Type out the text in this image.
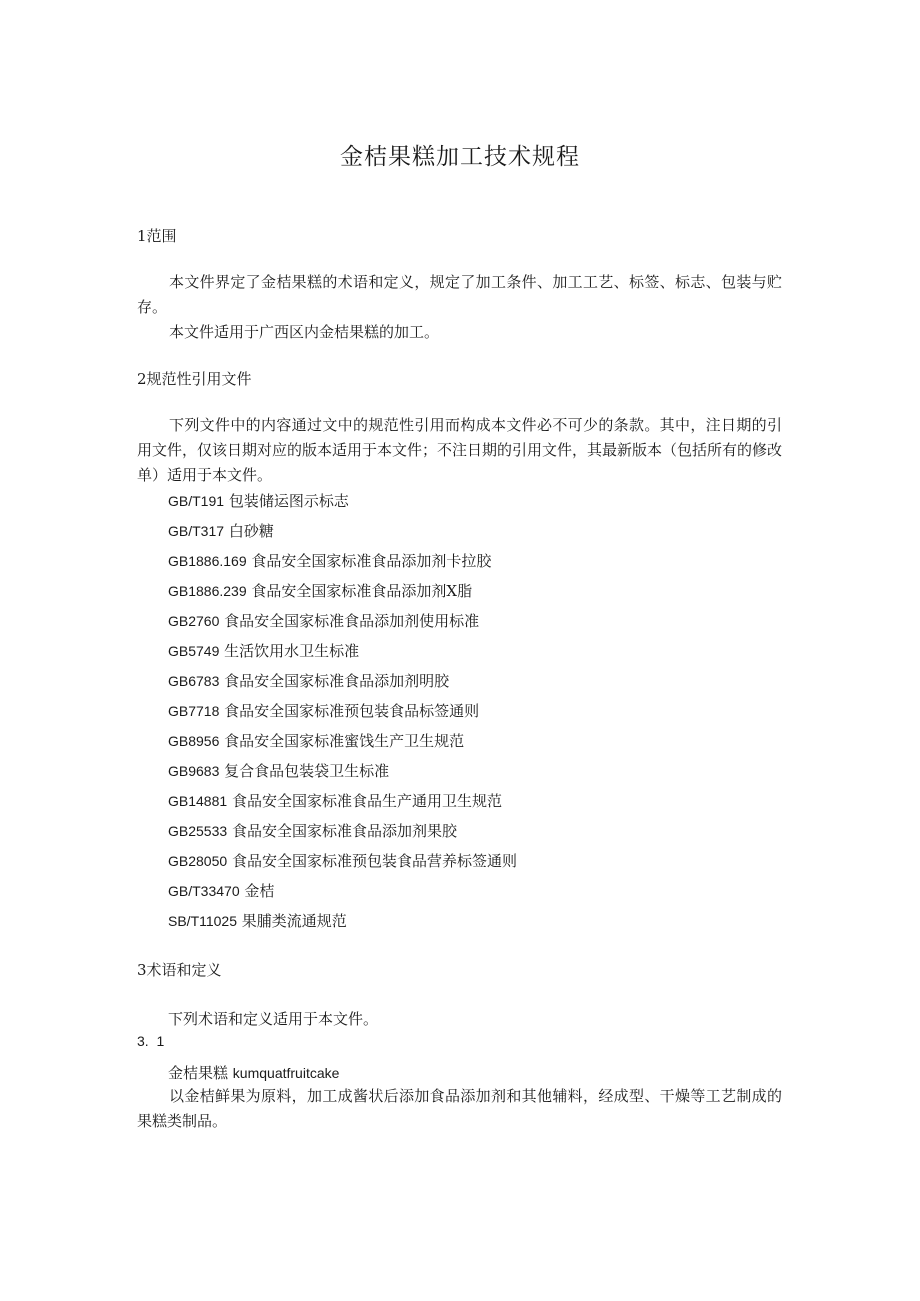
金桔果糕加工技术规程
1范围
本文件界定了金桔果糕的术语和定义，规定了加工条件、加工工艺、标签、标志、包装与贮存。
本文件适用于广西区内金桔果糕的加工。
2规范性引用文件
下列文件中的内容通过文中的规范性引用而构成本文件必不可少的条款。其中，注日期的引用文件，仅该日期对应的版本适用于本文件；不注日期的引用文件，其最新版本（包括所有的修改单）适用于本文件。
GB/T191 包装储运图示标志
GB/T317 白砂糖
GB1886.169 食品安全国家标准食品添加剂卡拉胶
GB1886.239 食品安全国家标准食品添加剂X脂
GB2760 食品安全国家标准食品添加剂使用标准
GB5749 生活饮用水卫生标准
GB6783 食品安全国家标准食品添加剂明胶
GB7718 食品安全国家标准预包装食品标签通则
GB8956 食品安全国家标准蜜饯生产卫生规范
GB9683 复合食品包装袋卫生标准
GB14881 食品安全国家标准食品生产通用卫生规范
GB25533 食品安全国家标准食品添加剂果胶
GB28050 食品安全国家标准预包装食品营养标签通则
GB/T33470 金桔
SB/T11025 果脯类流通规范
3术语和定义
下列术语和定义适用于本文件。
3.  1
金桔果糕 kumquatfruitcake
以金桔鲜果为原料，加工成酱状后添加食品添加剂和其他辅料，经成型、干燥等工艺制成的果糕类制品。
